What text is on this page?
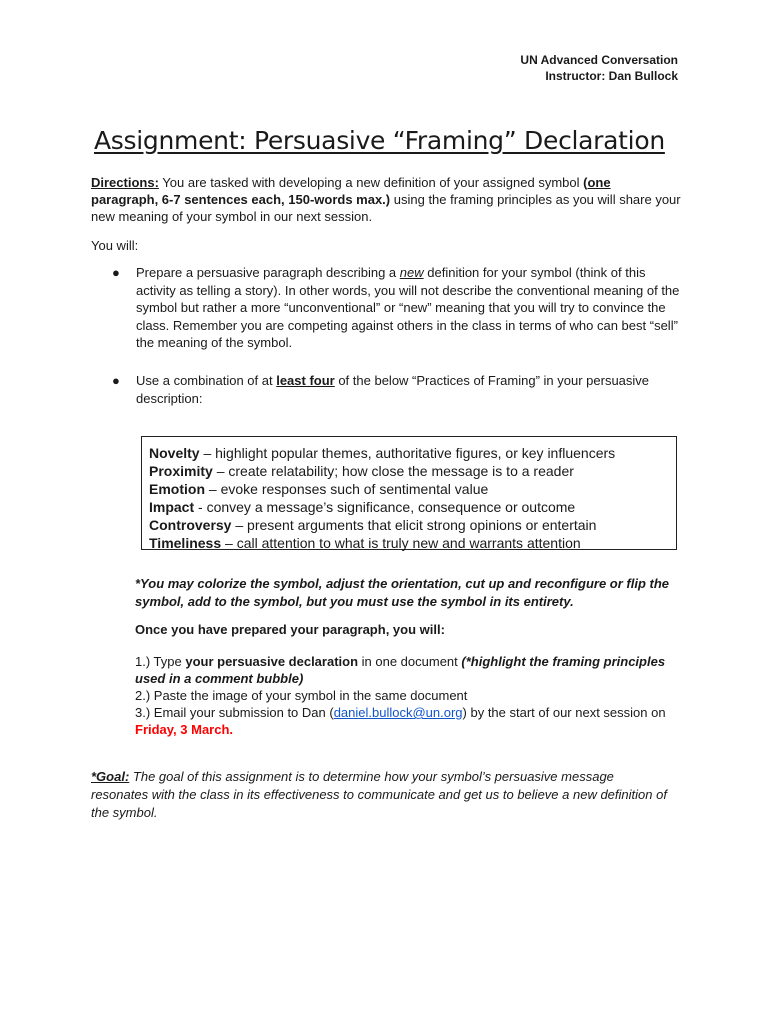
UN Advanced Conversation
Instructor: Dan Bullock
Assignment: Persuasive “Framing” Declaration
Directions: You are tasked with developing a new definition of your assigned symbol (one paragraph, 6-7 sentences each, 150-words max.) using the framing principles as you will share your new meaning of your symbol in our next session.
You will:
● Prepare a persuasive paragraph describing a new definition for your symbol (think of this activity as telling a story). In other words, you will not describe the conventional meaning of the symbol but rather a more “unconventional” or “new” meaning that you will try to convince the class. Remember you are competing against others in the class in terms of who can best “sell” the meaning of the symbol.
● Use a combination of at least four of the below “Practices of Framing” in your persuasive description:
Novelty – highlight popular themes, authoritative figures, or key influencers
Proximity – create relatability; how close the message is to a reader
Emotion – evoke responses such of sentimental value
Impact - convey a message’s significance, consequence or outcome
Controversy – present arguments that elicit strong opinions or entertain
Timeliness – call attention to what is truly new and warrants attention
*You may colorize the symbol, adjust the orientation, cut up and reconfigure or flip the symbol, add to the symbol, but you must use the symbol in its entirety.
Once you have prepared your paragraph, you will:
1.) Type your persuasive declaration in one document (*highlight the framing principles used in a comment bubble)
2.) Paste the image of your symbol in the same document
3.) Email your submission to Dan (daniel.bullock@un.org) by the start of our next session on Friday, 3 March.
*Goal: The goal of this assignment is to determine how your symbol’s persuasive message resonates with the class in its effectiveness to communicate and get us to believe a new definition of the symbol.
